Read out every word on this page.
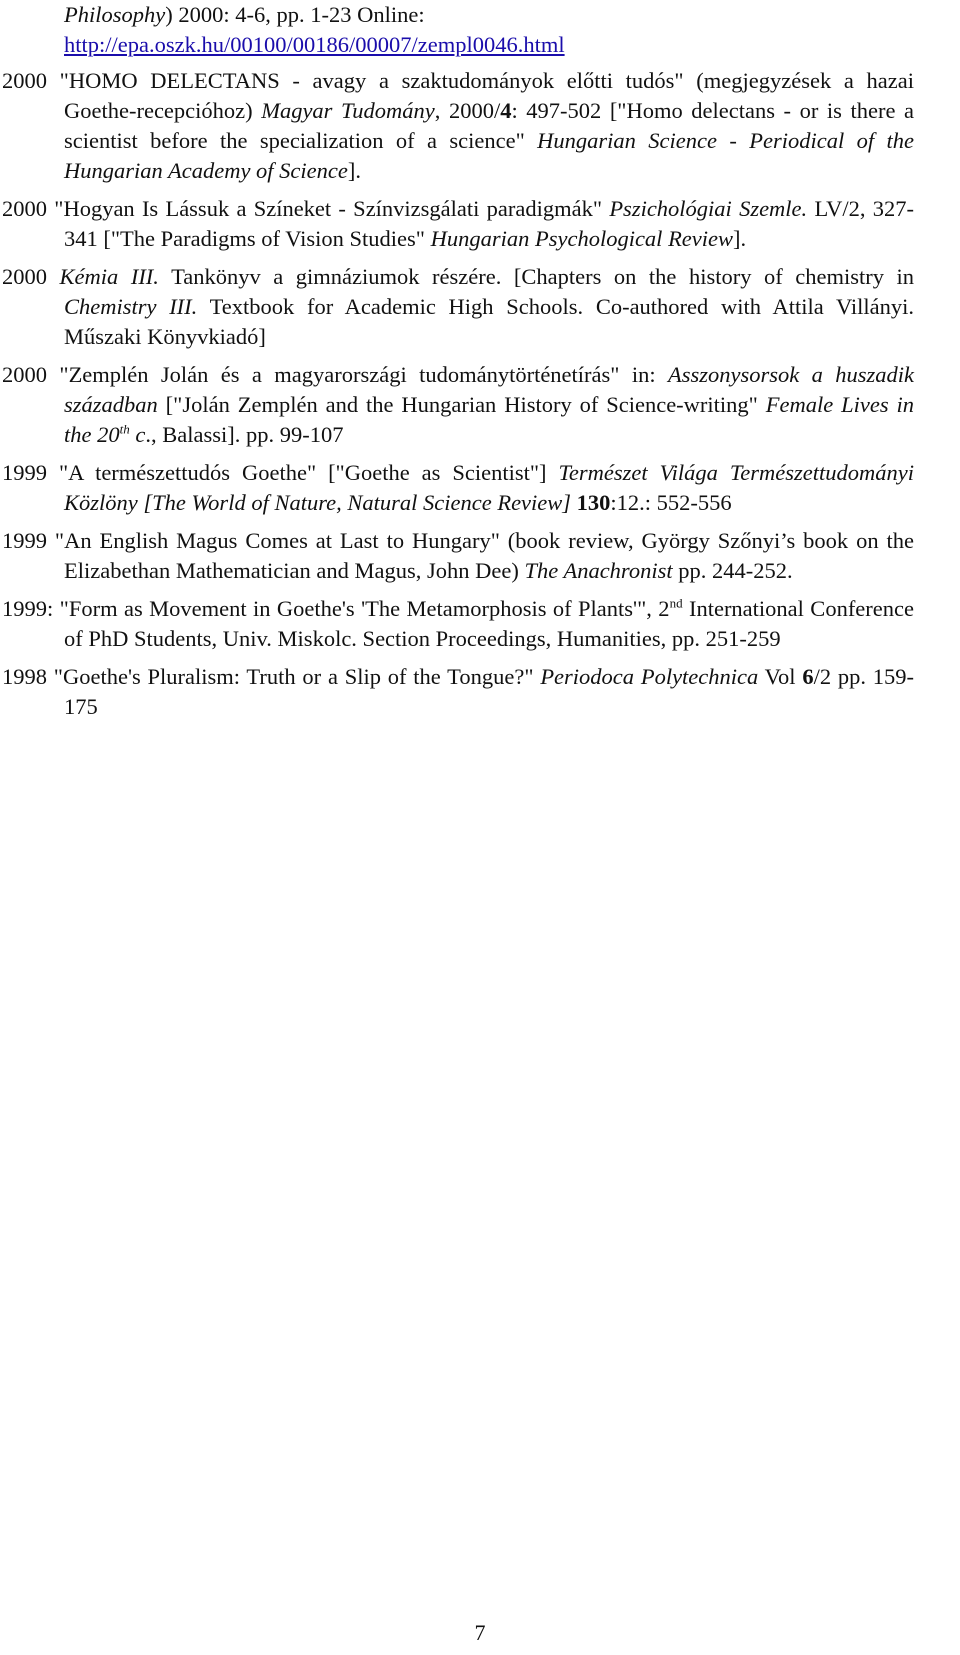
Philosophy) 2000: 4-6, pp. 1-23 Online:
http://epa.oszk.hu/00100/00186/00007/zempl0046.html

2000 "HOMO DELECTANS - avagy a szaktudományok előtti tudós" (megjegyzések a hazai Goethe-recepcióhoz) Magyar Tudomány, 2000/4: 497-502 ["Homo delectans - or is there a scientist before the specialization of a science" Hungarian Science - Periodical of the Hungarian Academy of Science].

2000 "Hogyan Is Lássuk a Színeket - Színvizsgálati paradigmák" Pszichológiai Szemle. LV/2, 327-341 ["The Paradigms of Vision Studies" Hungarian Psychological Review].

2000 Kémia III. Tankönyv a gimnáziumok részére. [Chapters on the history of chemistry in Chemistry III. Textbook for Academic High Schools. Co-authored with Attila Villányi. Műszaki Könyvkiadó]

2000 "Zemplén Jolán és a magyarországi tudománytörténetírás" in: Asszonysorsok a huszadik században ["Jolán Zemplén and the Hungarian History of Science-writing" Female Lives in the 20th c., Balassi]. pp. 99-107

1999 "A természettudós Goethe" ["Goethe as Scientist"] Természet Világa Természettudományi Közlöny [The World of Nature, Natural Science Review] 130:12.: 552-556

1999 "An English Magus Comes at Last to Hungary" (book review, György Szőnyi’s book on the Elizabethan Mathematician and Magus, John Dee) The Anachronist pp. 244-252.

1999: "Form as Movement in Goethe's 'The Metamorphosis of Plants'", 2nd International Conference of PhD Students, Univ. Miskolc. Section Proceedings, Humanities, pp. 251-259

1998 "Goethe's Pluralism: Truth or a Slip of the Tongue?" Periodoca Polytechnica Vol 6/2 pp. 159-175

7
